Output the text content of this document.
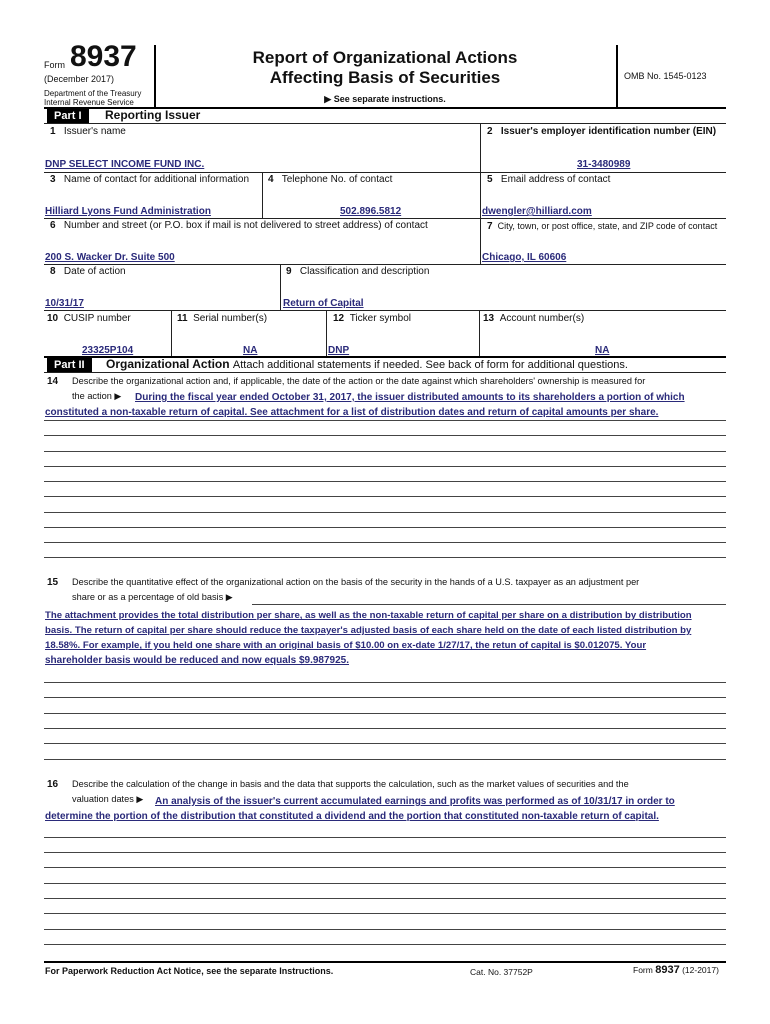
Form 8937
(December 2017)
Department of the Treasury
Internal Revenue Service
Report of Organizational Actions
Affecting Basis of Securities
▶ See separate instructions.
OMB No. 1545-0123
Part I	Reporting Issuer
1 Issuer's name	2 Issuer's employer identification number (EIN)
DNP SELECT INCOME FUND INC.	31-3480989
3 Name of contact for additional information 4 Telephone No. of contact	5 Email address of contact
Hilliard Lyons Fund Administration	502.896.5812	dwengler@hilliard.com
6 Number and street (or P.O. box if mail is not delivered to street address) of contact	7 City, town, or post office, state, and ZIP code of contact
200 S. Wacker Dr. Suite 500	Chicago, IL 60606
8 Date of action	9 Classification and description
10/31/17	Return of Capital
10 CUSIP number	11 Serial number(s)	12 Ticker symbol	13 Account number(s)
23325P104	NA	DNP	NA
Part II	Organizational Action Attach additional statements if needed. See back of form for additional questions.
14 Describe the organizational action and, if applicable, the date of the action or the date against which shareholders' ownership is measured for
the action ▶ During the fiscal year ended October 31, 2017, the issuer distributed amounts to its shareholders a portion of which
constituted a non-taxable return of capital. See attachment for a list of distribution dates and return of capital amounts per share.
15 Describe the quantitative effect of the organizational action on the basis of the security in the hands of a U.S. taxpayer as an adjustment per
share or as a percentage of old basis ▶
The attachment provides the total distribution per share, as well as the non-taxable return of capital per share on a distribution by distribution
basis. The return of capital per share should reduce the taxpayer's adjusted basis of each share held on the date of each listed distribution by
18.58%. For example, if you held one share with an original basis of $10.00 on ex-date 1/27/17, the retun of capital is $0.012075. Your
shareholder basis would be reduced and now equals $9.987925.
16 Describe the calculation of the change in basis and the data that supports the calculation, such as the market values of securities and the
valuation dates ▶ An analysis of the issuer's current accumulated earnings and profits was performed as of 10/31/17 in order to
determine the portion of the distribution that constituted a dividend and the portion that constituted non-taxable return of capital.
For Paperwork Reduction Act Notice, see the separate Instructions.	Cat. No. 37752P	Form 8937 (12-2017)
